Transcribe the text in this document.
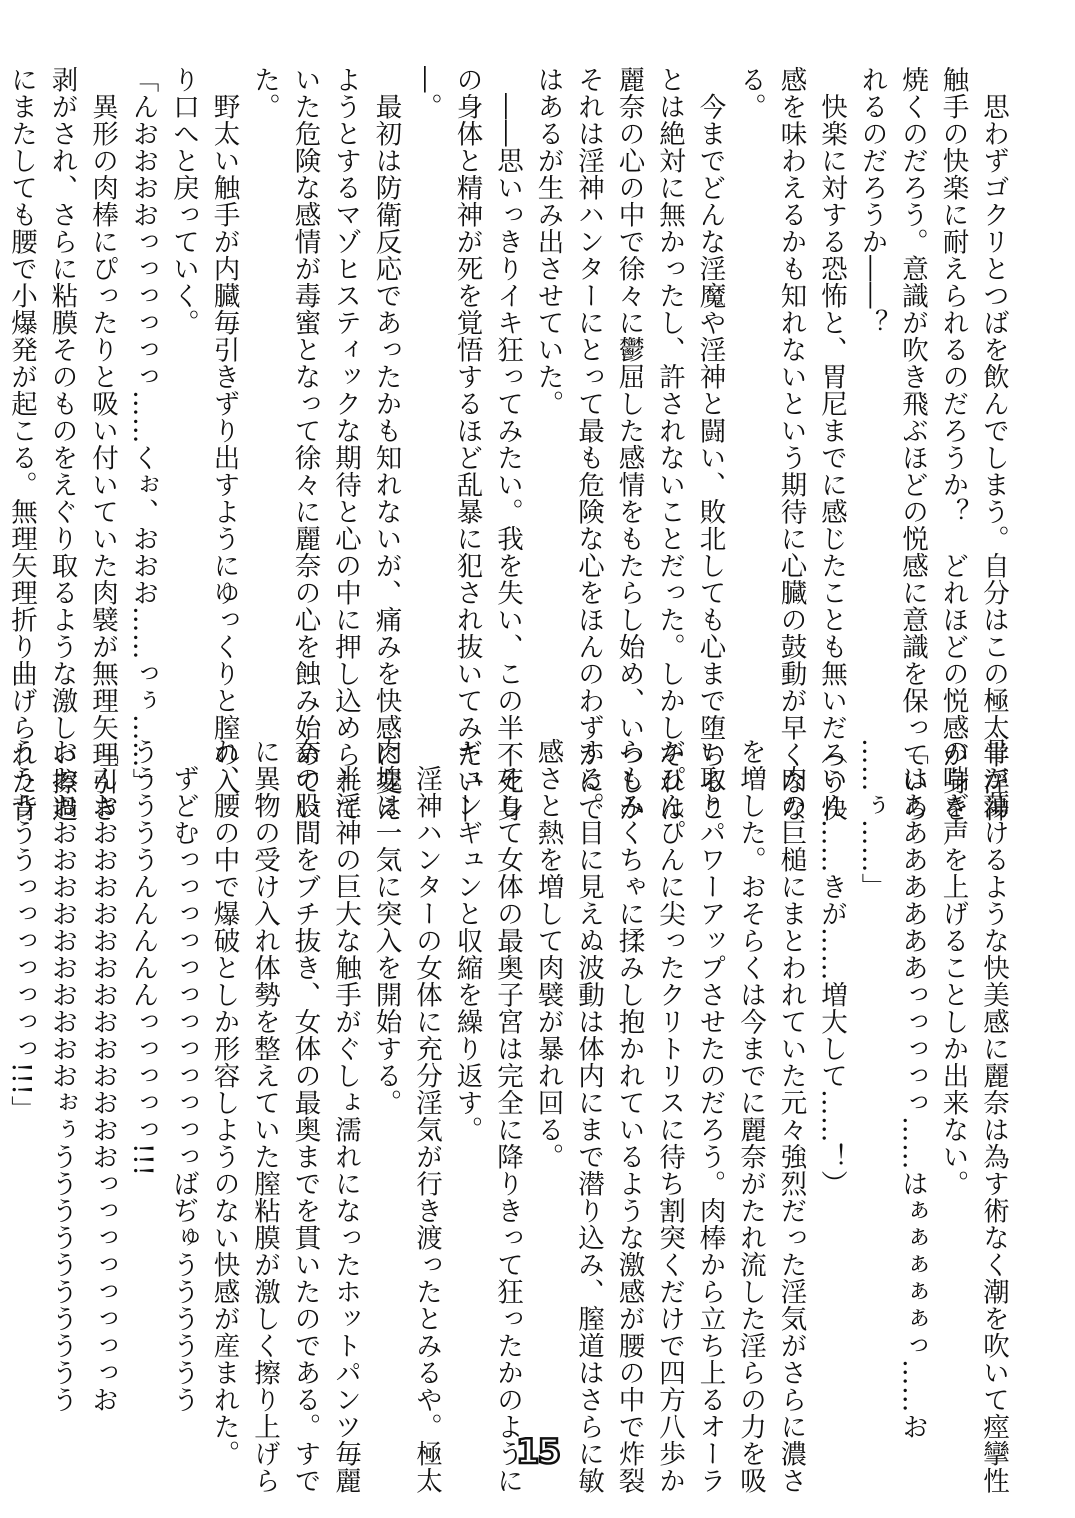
　思わずゴクリとつばを飲んでしまう。自分はこの極太半淫神
触手の快楽に耐えられるのだろうか？　どれほどの悦感が身を
焼くのだろう。意識が吹き飛ぶほどの悦感に意識を保っていら
れるのだろうか――？
　快楽に対する恐怖と、胃尼までに感じたことも無いだろう快
感を味わえるかも知れないという期待に心臓の鼓動が早くなな
る。
　今までどんな淫魔や淫神と闘い、敗北しても心まで堕ちるこ
とは絶対に無かったし、許されないことだった。しかしそれは
麗奈の心の中で徐々に鬱屈した感情をもたらし始め、いつしか
それは淫神ハンターにとって最も危険な心をほんのわずかにで
はあるが生み出させていた。
　――思いっきりイキ狂ってみたい。我を失い、この半不死身
の身体と精神が死を覚悟するほど乱暴に犯され抜いてみたい―
―。
　最初は防衛反応であったかも知れないが、痛みを快感に変え
ようとするマゾヒスティックな期待と心の中に押し込められて
いた危険な感情が毒蜜となって徐々に麗奈の心を蝕み始めてい
た。
　野太い触手が内臓毎引きずり出すようにゆっくりと膣の入
り口へと戻っていく。
「んおおおおっっっっっっ……くぉ、おおお……っぅ……」
　異形の肉棒にぴったりと吸い付いていた肉襞が無理矢理引き
剥がされ、さらに粘膜そのものをえぐり取るような激しい擦過
にまたしても腰で小爆発が起こる。無理矢理折り曲げられた背
骨が蕩けるような快美感に麗奈は為す術なく潮を吹いて痙攣性
の喘ぎ声を上げることしか出来ない。
「はあああああああっっっっっ……はぁぁぁぁぁっ……お
……ぅ……」
（いん……きが……増大して……！）
　肉の巨槌にまとわれていた元々強烈だった淫気がさらに濃さ
を増した。おそらくは今までに麗奈がたれ流した淫らの力を吸
い取りパワーアップさせたのだろう。肉棒から立ち上るオーラ
がぴんぴんに尖ったクリトリスに待ち割突くだけで四方八歩か
らもみくちゃに揉みし抱かれているような激感が腰の中で炸裂
する。目に見えぬ波動は体内にまで潜り込み、膣道はさらに敏
感さと熱を増して肉襞が暴れ回る。
　そして女体の最奥子宮は完全に降りきって狂ったかのように
ギュンギュンと収縮を繰り返す。
　淫神ハンターの女体に充分淫気が行き渡ったとみるや。極太
肉塊は一気に突入を開始する。
　半淫神の巨大な触手がぐしょ濡れになったホットパンツ毎麗
奈の股間をブチ抜き、女体の最奥までを貫いたのである。すで
に異物の受け入れ体勢を整えていた膣粘膜が激しく擦り上げら
れ、腰の中で爆破としか形容しようのない快感が産まれた。
　ずどむっっっっっっっっっっっっばぢゅうううううう
うううううんんんんんっっっっっ!!!
「んおおおおおおおおおおおおおおっっっっっっっっお
おおおおおおおおおおおおおぉぅうううううううううう
うううううっっっっっっっ!!!」
15
